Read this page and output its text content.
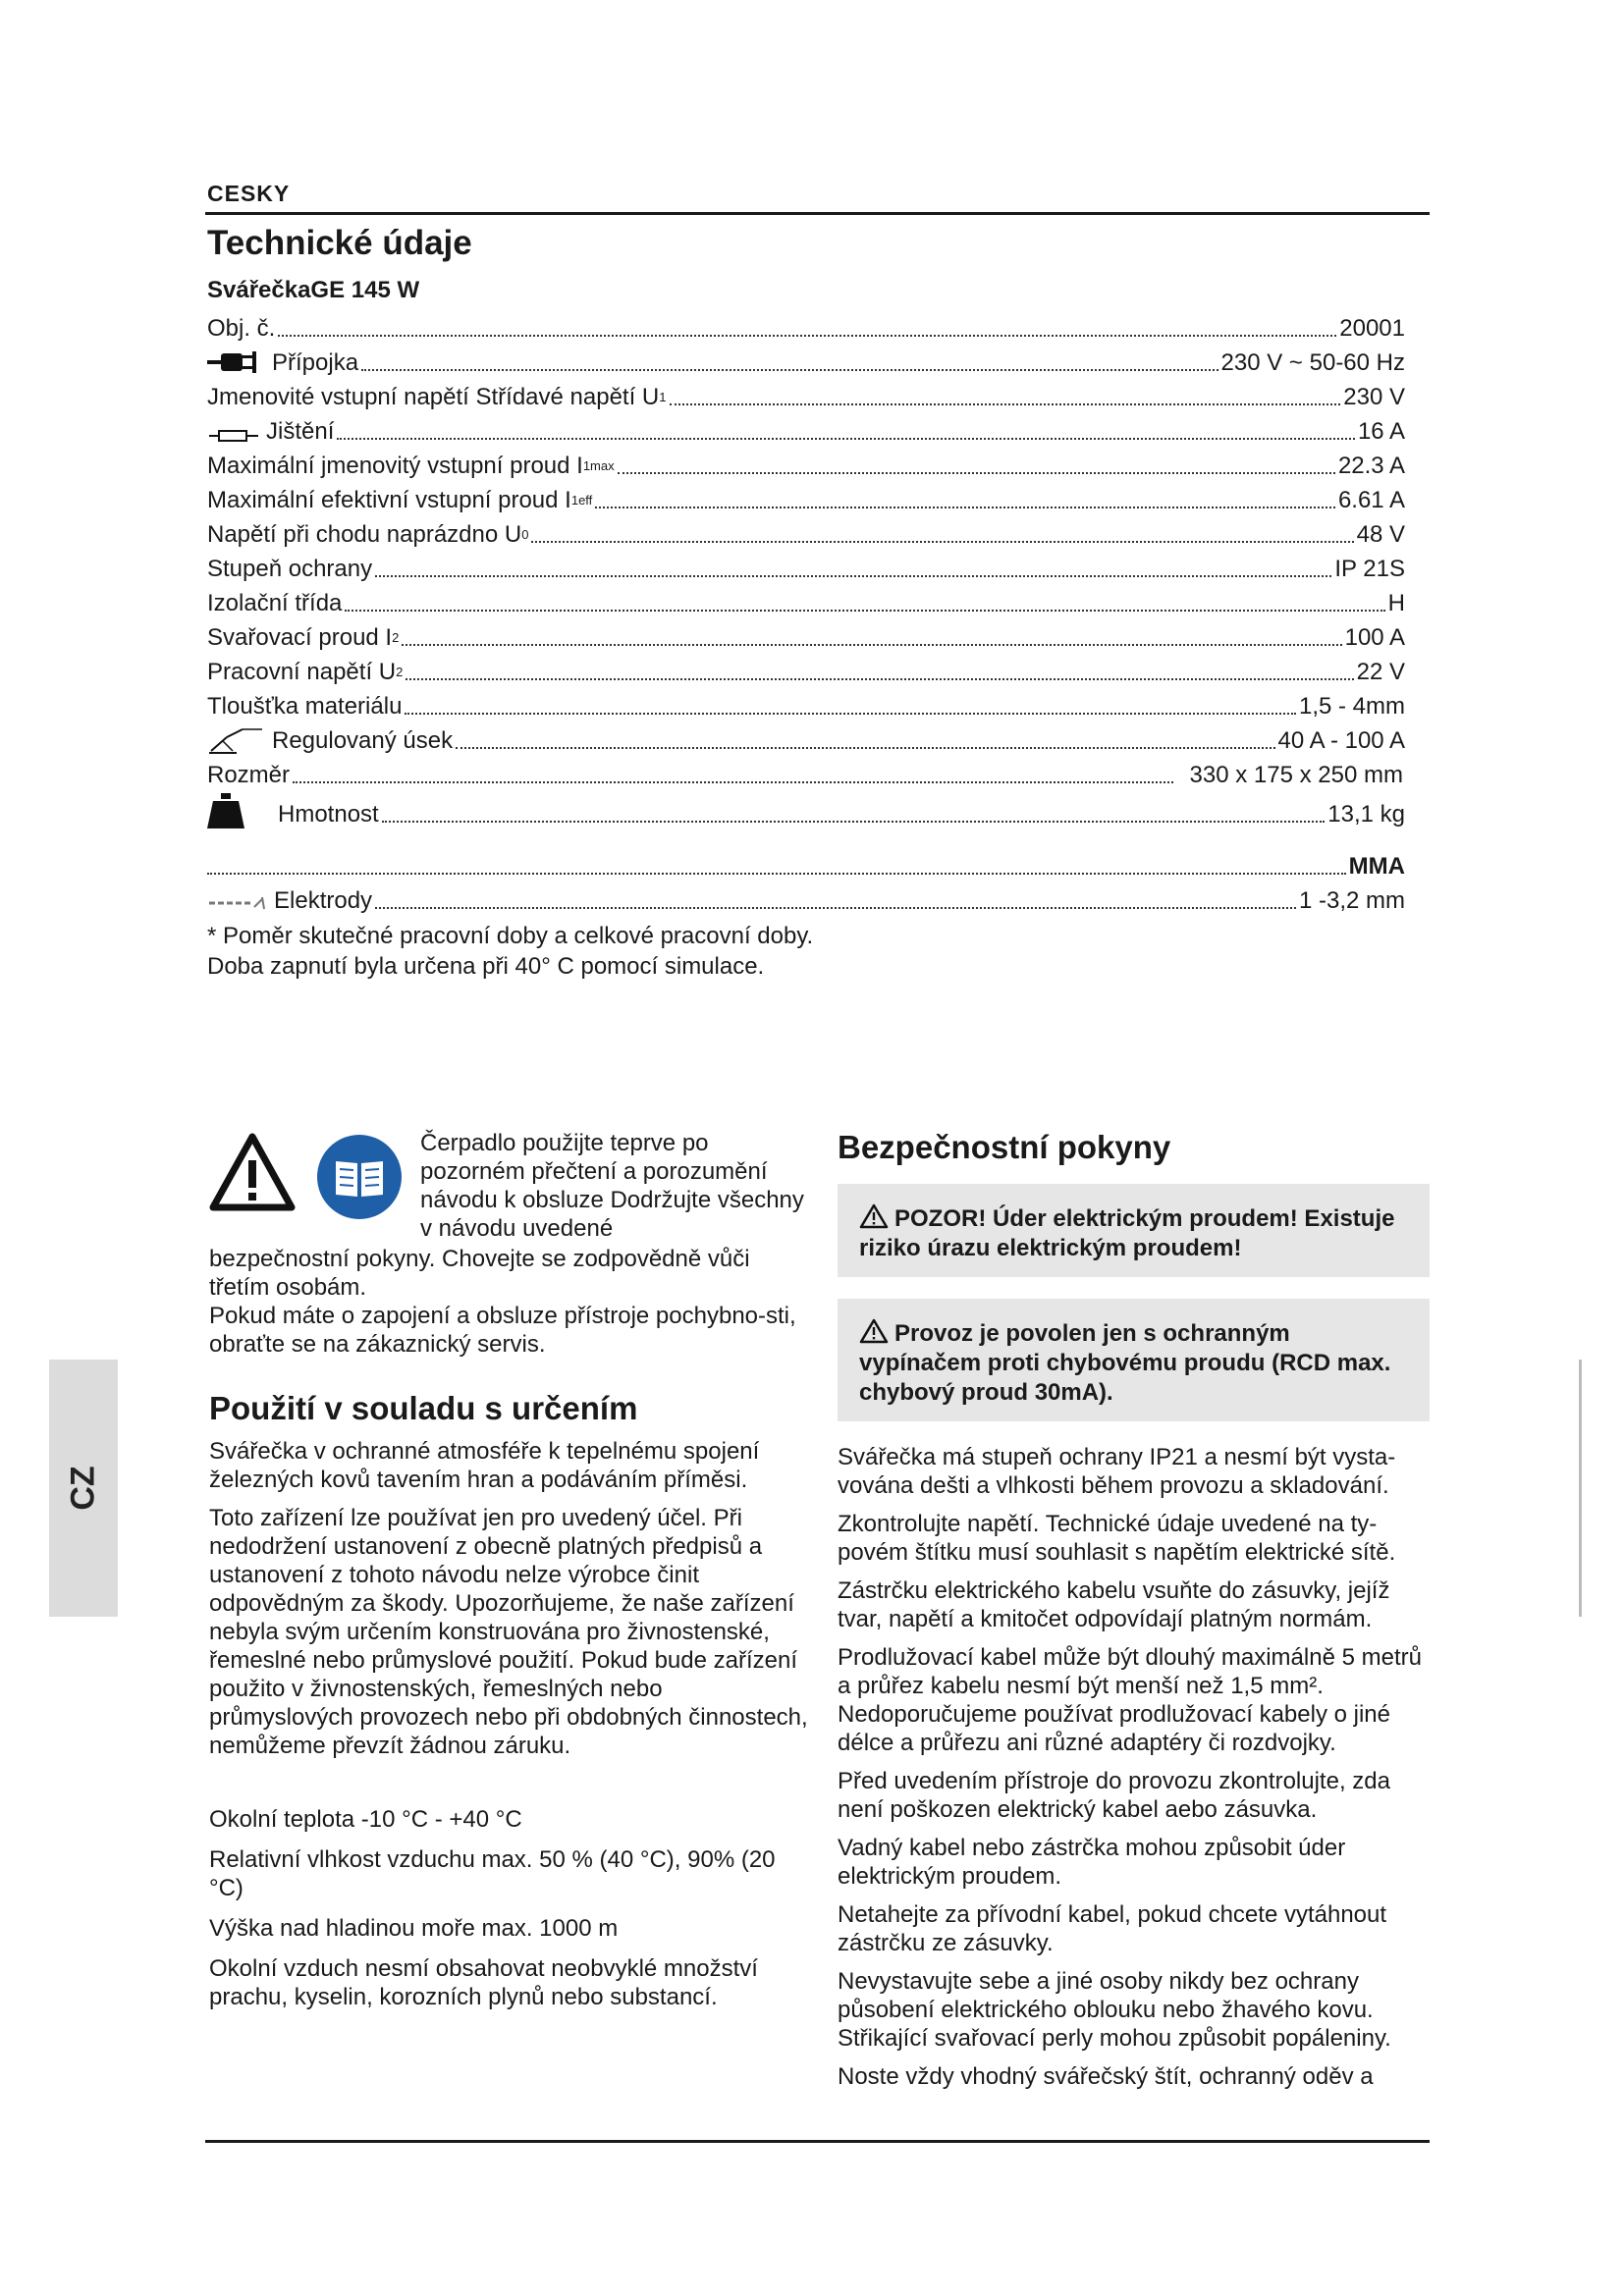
CESKY
Technické údaje
SvářečkaGE 145 W
Obj. č.	20001
Přípojka	230 V ~ 50-60 Hz
Jmenovité vstupní napětí Střídavé napětí U 1	230 V
Jištění	16 A
Maximální jmenovitý vstupní proud I 1max	22.3 A
Maximální efektivní vstupní proud I 1eff	6.61 A
Napětí při chodu naprázdno U 0	48 V
Stupeň ochrany	IP 21S
Izolační třída	H
Svařovací proud I 2	100 A
Pracovní napětí U 2	22 V
Tloušťka materiálu	1,5 - 4mm
Regulovaný úsek	40 A - 100 A
Rozměr	330 x 175 x 250 mm
Hmotnost	13,1 kg
MMA
Elektrody	1 -3,2 mm
* Poměr skutečné pracovní doby a celkové pracovní doby.
Doba zapnutí byla určena při 40° C pomocí simulace.
Čerpadlo použijte teprve po pozorném přečtení a porozumění návodu k obsluze Dodržujte všechny v návodu uvedené
bezpečnostní pokyny. Chovejte se zodpovědně vůči třetím osobám.
Pokud máte o zapojení a obsluze přístroje pochybno-sti, obraťte se na zákaznický servis.
Použití v souladu s určením
Svářečka v ochranné atmosféře k tepelnému spojení železných kovů tavením hran a podáváním příměsi.
Toto zařízení lze používat jen pro uvedený účel. Při nedodržení ustanovení z obecně platných předpisů a ustanovení z tohoto návodu nelze výrobce činit odpovědným za škody. Upozorňujeme, že naše zařízení nebyla svým určením konstruována pro živnostenské, řemeslné nebo průmyslové použití. Pokud bude zařízení použito v živnostenských, řemeslných nebo průmyslových provozech nebo při obdobných činnostech, nemůžeme převzít žádnou záruku.
Okolní teplota -10 °C - +40 °C
Relativní vlhkost vzduchu max. 50 % (40 °C), 90% (20 °C)
Výška nad hladinou moře max. 1000 m
Okolní vzduch nesmí obsahovat neobvyklé množství prachu, kyselin, korozních plynů nebo substancí.
Bezpečnostní pokyny
POZOR! Úder elektrickým proudem! Existuje riziko úrazu elektrickým proudem!
Provoz je povolen jen s ochranným vypínačem proti chybovému proudu (RCD max. chybový proud 30mA).
Svářečka má stupeň ochrany IP21 a nesmí být vysta-vována dešti a vlhkosti během provozu a skladování.
Zkontrolujte napětí. Technické údaje uvedené na ty-povém štítku musí souhlasit s napětím elektrické sítě.
Zástrčku elektrického kabelu vsuňte do zásuvky, jejíž tvar, napětí a kmitočet odpovídají platným normám.
Prodlužovací kabel může být dlouhý maximálně 5 metrů a průřez kabelu nesmí být menší než 1,5 mm². Nedoporučujeme používat prodlužovací kabely o jiné délce a průřezu ani různé adaptéry či rozdvojky.
Před uvedením přístroje do provozu zkontrolujte, zda není poškozen elektrický kabel aebo zásuvka.
Vadný kabel nebo zástrčka mohou způsobit úder elektrickým proudem.
Netahejte za přívodní kabel, pokud chcete vytáhnout zástrčku ze zásuvky.
Nevystavujte sebe a jiné osoby nikdy bez ochrany působení elektrického oblouku nebo žhavého kovu. Střikající svařovací perly mohou způsobit popáleniny.
Noste vždy vhodný svářečský štít, ochranný oděv a
CZ
